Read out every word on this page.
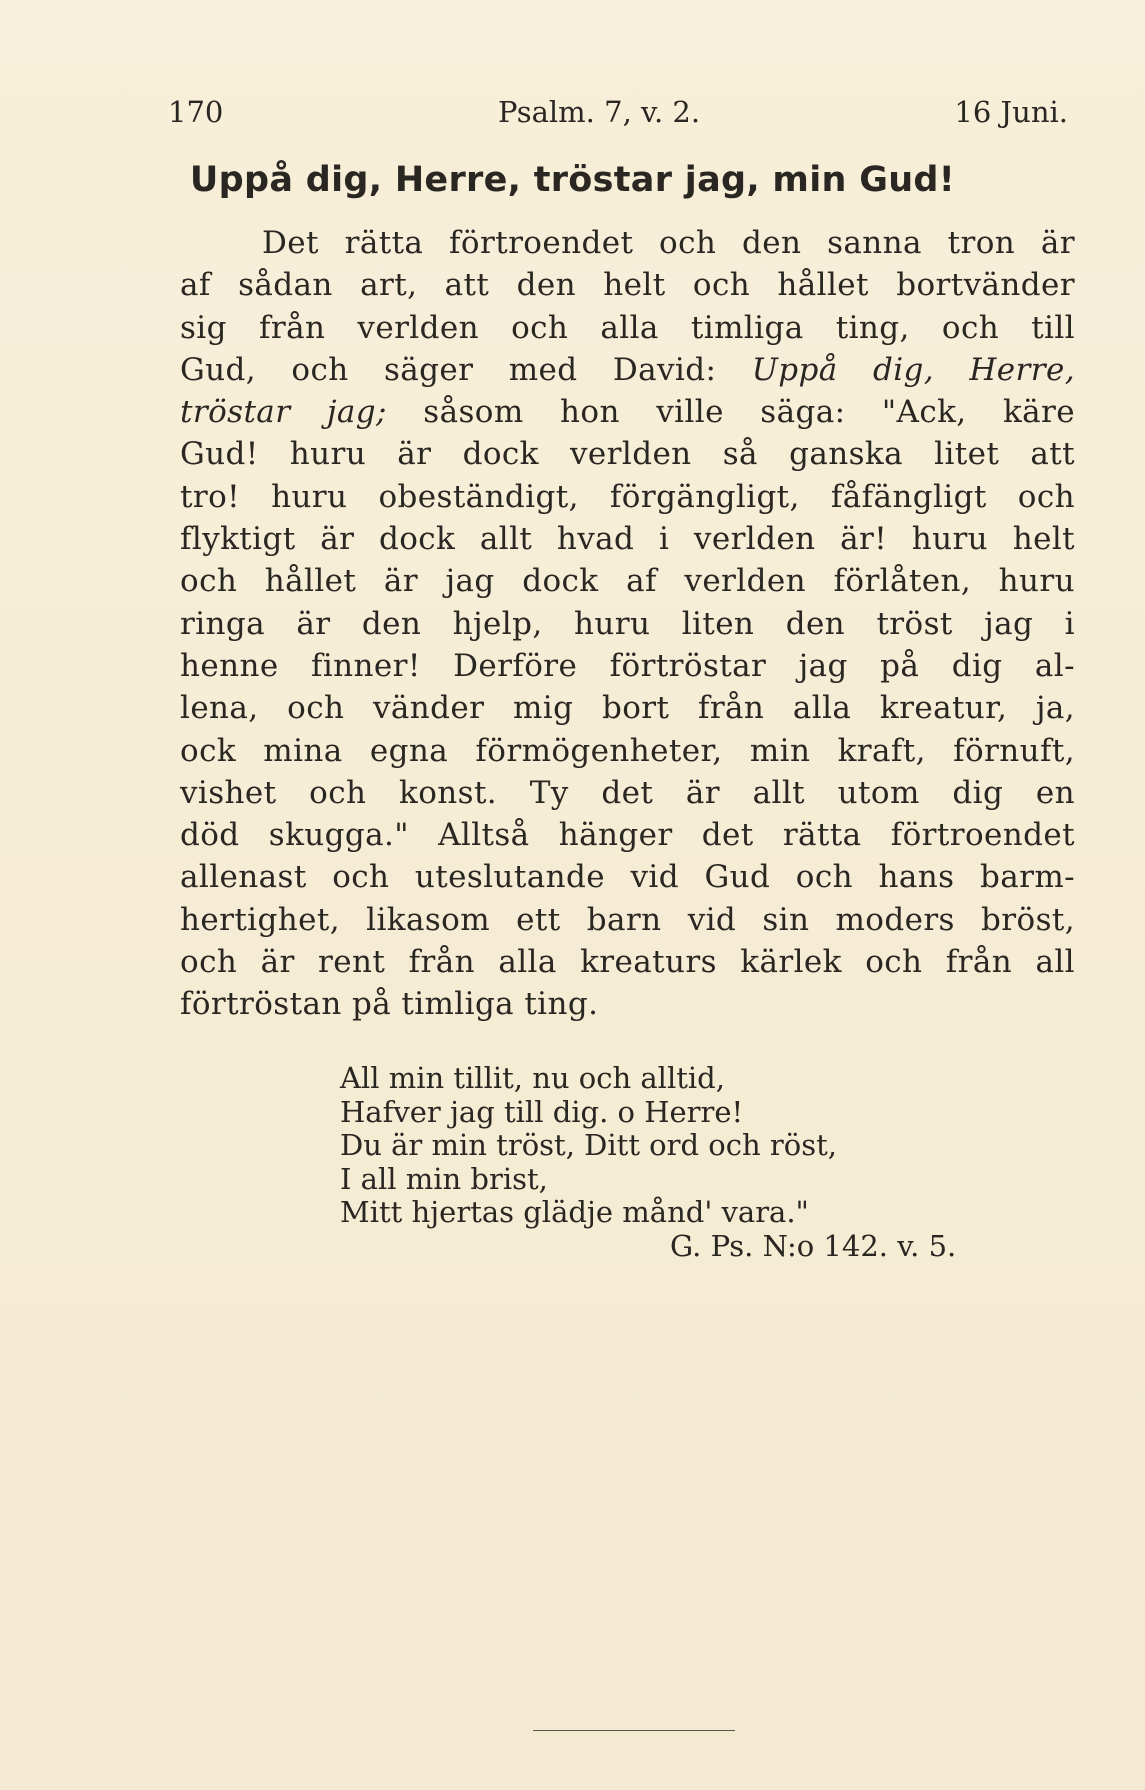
170	Psalm. 7, v. 2.	16 Juni.
Uppå dig, Herre, tröstar jag, min Gud!
Det rätta förtroendet och den sanna tron är
af sådan art, att den helt och hållet bortvänder
sig från verlden och alla timliga ting, och till
Gud, och säger med David: Uppå dig, Herre,
tröstar jag; såsom hon ville säga: "Ack, käre
Gud! huru är dock verlden så ganska litet att
tro! huru obeständigt, förgängligt, fåfängligt och
flyktigt är dock allt hvad i verlden är! huru helt
och hållet är jag dock af verlden förlåten, huru
ringa är den hjelp, huru liten den tröst jag i
henne finner! Derföre förtröstar jag på dig al-
lena, och vänder mig bort från alla kreatur, ja,
ock mina egna förmögenheter, min kraft, förnuft,
vishet och konst. Ty det är allt utom dig en
död skugga." Alltså hänger det rätta förtroendet
allenast och uteslutande vid Gud och hans barm-
hertighet, likasom ett barn vid sin moders bröst,
och är rent från alla kreaturs kärlek och från all
förtröstan på timliga ting.
All min tillit, nu och alltid,
Hafver jag till dig. o Herre!
Du är min tröst, Ditt ord och röst,
I all min brist,
Mitt hjertas glädje månd' vara."
G. Ps. N:o 142. v. 5.
